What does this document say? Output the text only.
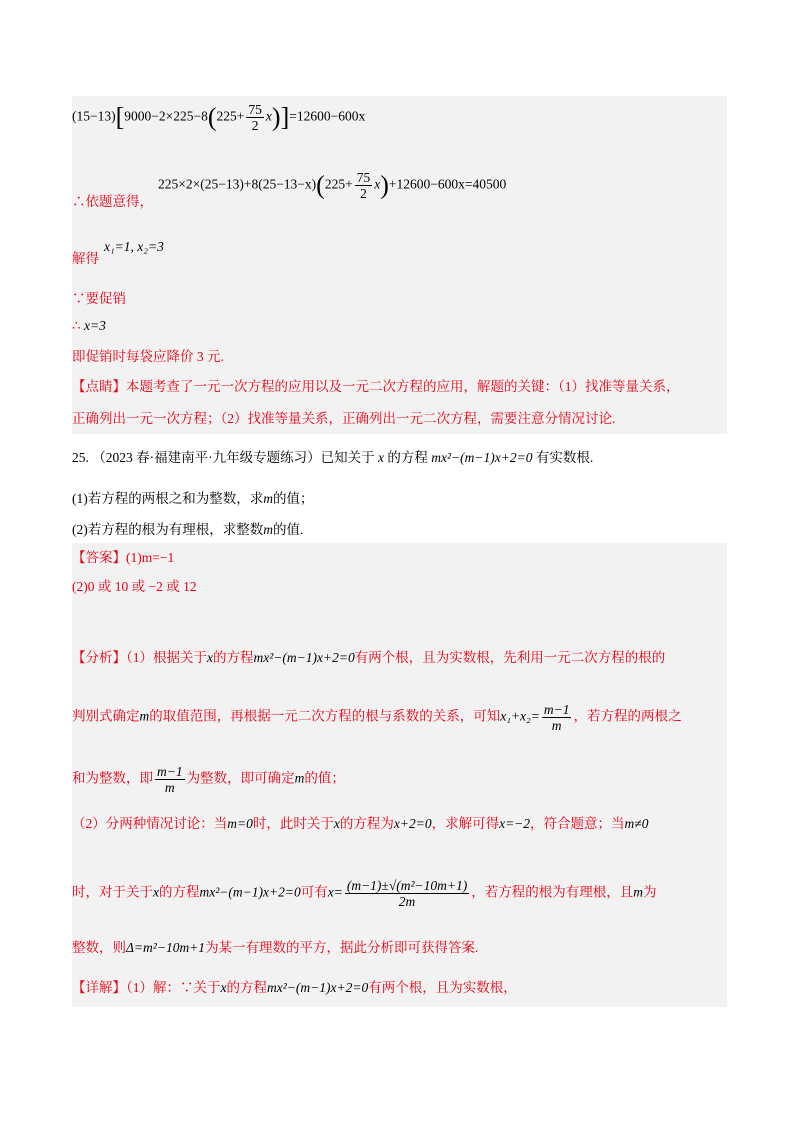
$(15-13)[9000-2\times 225-8(225+ \frac{75}{2} x)]=12600-600x$
∴依题意得，
$225\times 2\times(25-13)+8(25-13-x)(225+ \frac{75}{2} x)+12600-600x=40500$
解得
x₁=1, x₂=3
∵要促销
∴ x=3
即促销时每袋应降价 3 元.
【点睛】本题考查了一元一次方程的应用以及一元二次方程的应用，解题的关键：（1）找准等量关系，
正确列出一元一次方程；（2）找准等量关系，正确列出一元二次方程，需要注意分情况讨论.
25. （2023 春·福建南平·九年级专题练习）已知关于 x 的方程 mx²−(m−1)x+2=0 有实数根.
(1)若方程的两根之和为整数，求m的值；
(2)若方程的根为有理根，求整数m的值.
【答案】(1)m=−1
(2)0 或 10 或 −2 或 12
【分析】（1）根据关于x的方程mx²−(m−1)x+2=0有两个根，且为实数根，先利用一元二次方程的根的
判别式确定m的取值范围，再根据一元二次方程的根与系数的关系，可知$x_1+x_2= \frac{m-1}{m}$ ，若方程的两根之
和为整数，即 $\frac{m-1}{m}$ 为整数，即可确定m的值；
（2）分两种情况讨论：当m=0时，此时关于x的方程为x+2=0，求解可得x=−2，符合题意；当m≠0
时，对于关于x的方程mx²−(m−1)x+2=0可有$x= \frac{\text{(m−1)±√(m²−10m+1)}}{2m}$ ，若方程的根为有理根，且m为
整数，则Δ=m²−10m+1为某一有理数的平方，据此分析即可获得答案.
【详解】（1）解：∵关于x的方程mx²−(m−1)x+2=0有两个根，且为实数根，
